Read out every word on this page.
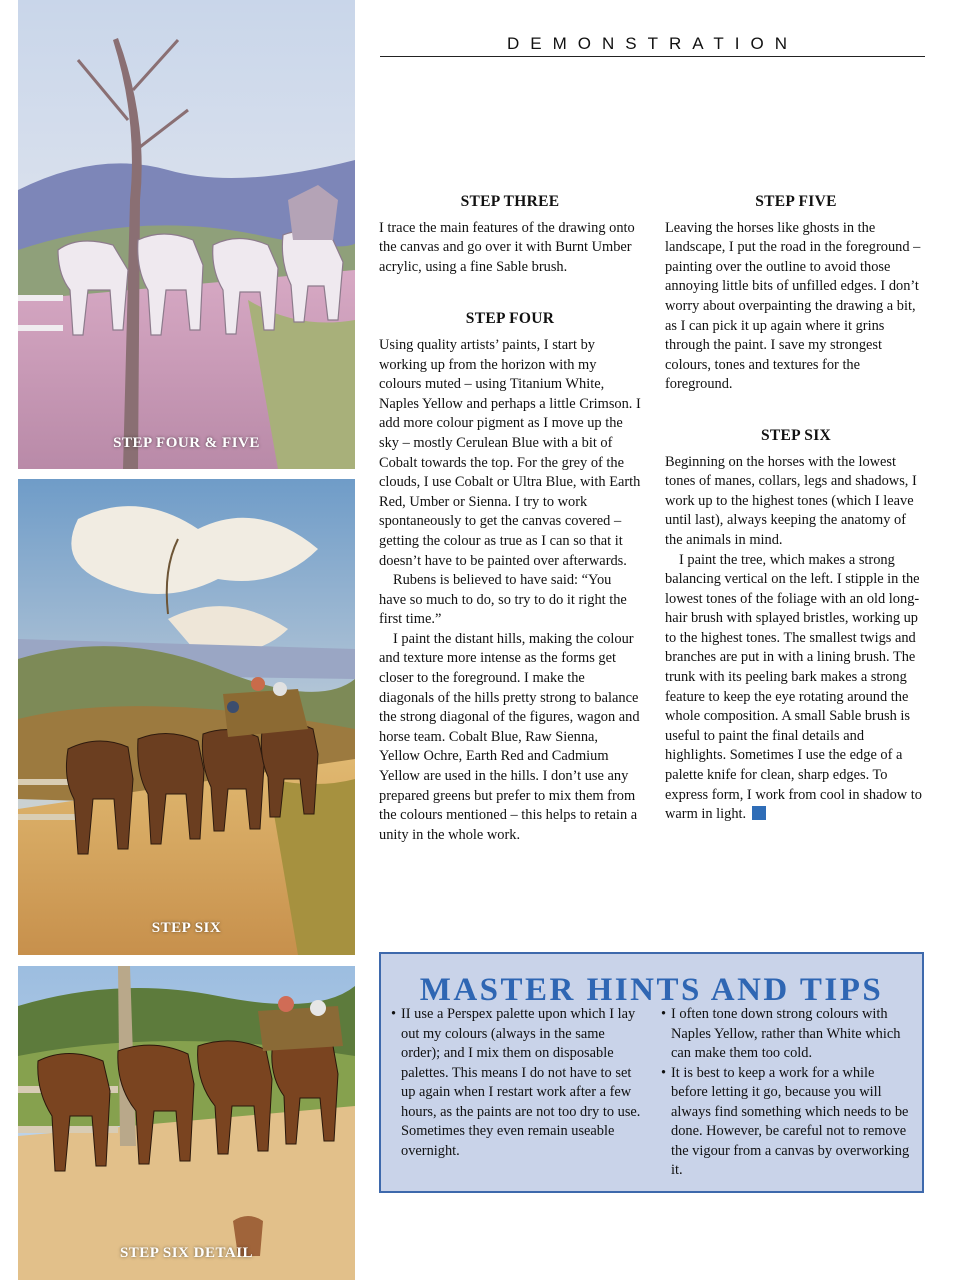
STEP FOUR & FIVE
STEP SIX
STEP SIX DETAIL
DEMONSTRATION
STEP THREE

I trace the main features of the drawing onto the canvas and go over it with Burnt Umber acrylic, using a fine Sable brush.

STEP FOUR

Using quality artists’ paints, I start by working up from the horizon with my colours muted – using Titanium White, Naples Yellow and perhaps a little Crimson. I add more colour pigment as I move up the sky – mostly Cerulean Blue with a bit of Cobalt towards the top. For the grey of the clouds, I use Cobalt or Ultra Blue, with Earth Red, Umber or Sienna. I try to work spontaneously to get the canvas covered – getting the colour as true as I can so that it doesn’t have to be painted over afterwards.

Rubens is believed to have said: “You have so much to do, so try to do it right the first time.”

I paint the distant hills, making the colour and texture more intense as the forms get closer to the foreground. I make the diagonals of the hills pretty strong to balance the strong diagonal of the figures, wagon and horse team. Cobalt Blue, Raw Sienna, Yellow Ochre, Earth Red and Cadmium Yellow are used in the hills. I don’t use any prepared greens but prefer to mix them from the colours mentioned – this helps to retain a unity in the whole work.

STEP FIVE

Leaving the horses like ghosts in the landscape, I put the road in the foreground – painting over the outline to avoid those annoying little bits of unfilled edges. I don’t worry about overpainting the drawing a bit, as I can pick it up again where it grins through the paint. I save my strongest colours, tones and textures for the foreground.

STEP SIX

Beginning on the horses with the lowest tones of manes, collars, legs and shadows, I work up to the highest tones (which I leave until last), always keeping the anatomy of the animals in mind.

I paint the tree, which makes a strong balancing vertical on the left. I stipple in the lowest tones of the foliage with an old long-hair brush with splayed bristles, working up to the highest tones. The smallest twigs and branches are put in with a lining brush. The trunk with its peeling bark makes a strong feature to keep the eye rotating around the whole composition. A small Sable brush is useful to paint the final details and highlights. Sometimes I use the edge of a palette knife for clean, sharp edges. To express form, I work from cool in shadow to warm in light.

MASTER HINTS AND TIPS
• II use a Perspex palette upon which I lay out my colours (always in the same order); and I mix them on disposable palettes. This means I do not have to set up again when I restart work after a few hours, as the paints are not too dry to use. Sometimes they even remain useable overnight.
• I often tone down strong colours with Naples Yellow, rather than White which can make them too cold.
• It is best to keep a work for a while before letting it go, because you will always find something which needs to be done. However, be careful not to remove the vigour from a canvas by overworking it.
